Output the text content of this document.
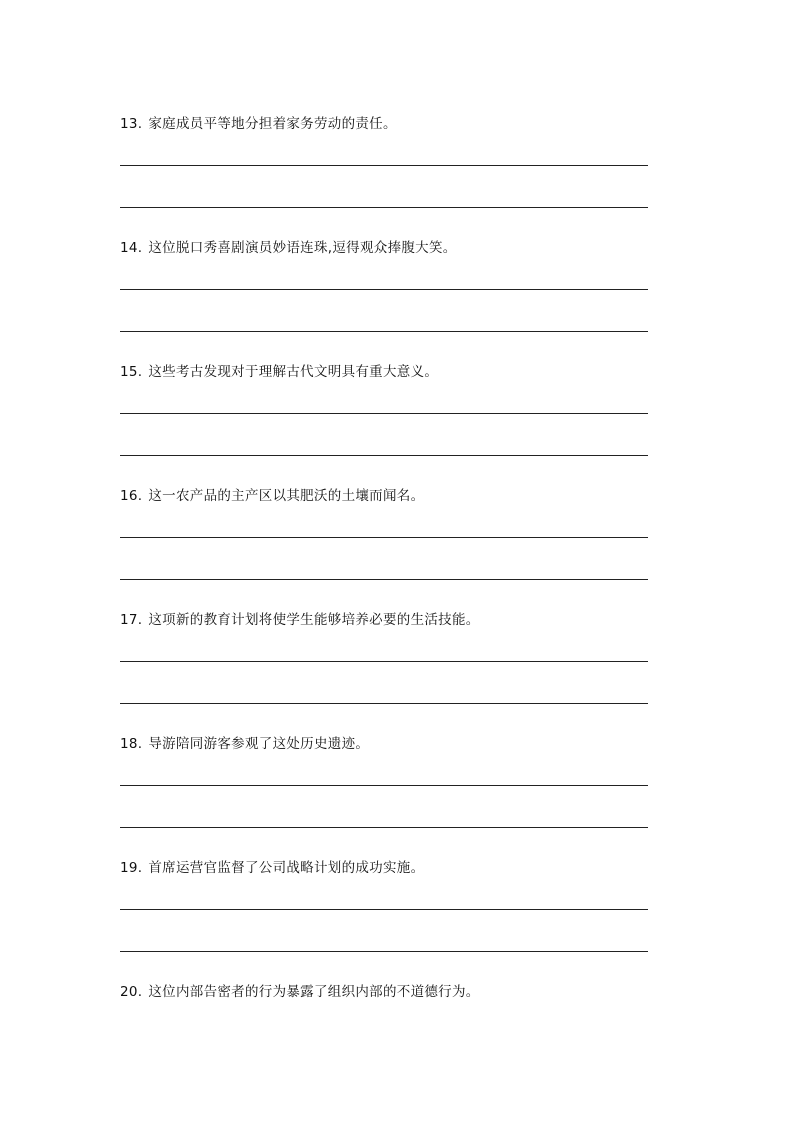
13. 家庭成员平等地分担着家务劳动的责任。
14. 这位脱口秀喜剧演员妙语连珠,逗得观众捧腹大笑。
15. 这些考古发现对于理解古代文明具有重大意义。
16. 这一农产品的主产区以其肥沃的土壤而闻名。
17. 这项新的教育计划将使学生能够培养必要的生活技能。
18. 导游陪同游客参观了这处历史遗迹。
19. 首席运营官监督了公司战略计划的成功实施。
20. 这位内部告密者的行为暴露了组织内部的不道德行为。
